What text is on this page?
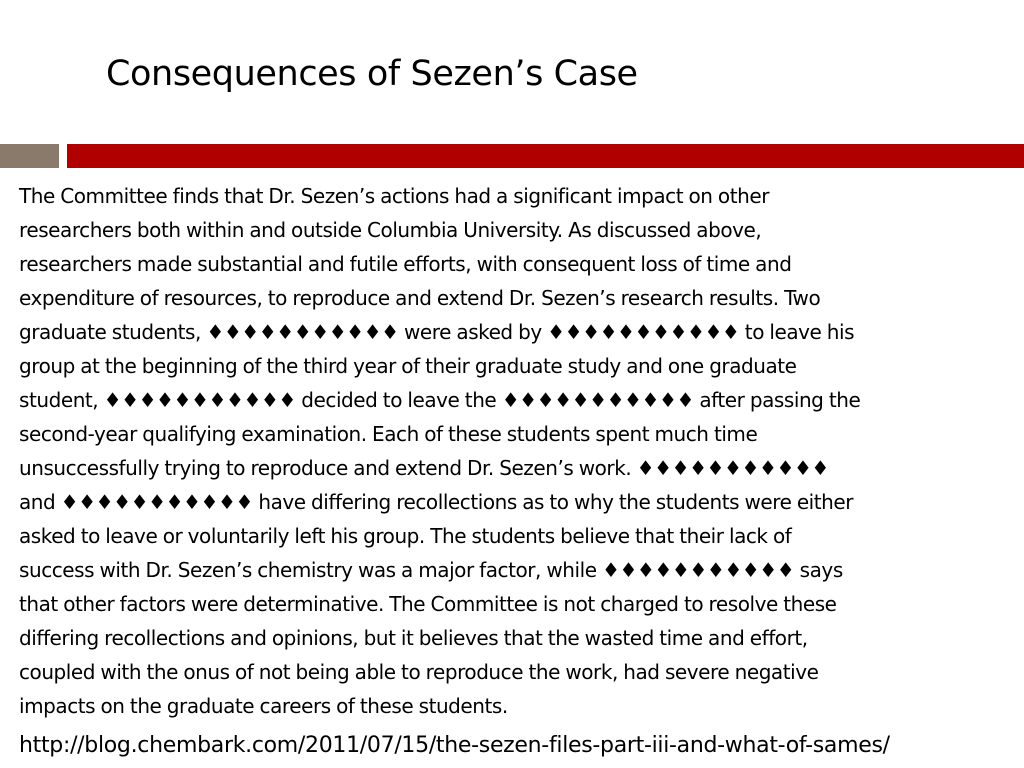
Consequences of Sezen’s Case
The Committee finds that Dr. Sezen’s actions had a significant impact on other
researchers both within and outside Columbia University. As discussed above,
researchers made substantial and futile efforts, with consequent loss of time and
expenditure of resources, to reproduce and extend Dr. Sezen’s research results. Two
graduate students, ♦♦♦♦♦♦♦♦♦♦♦ were asked by ♦♦♦♦♦♦♦♦♦♦♦ to leave his
group at the beginning of the third year of their graduate study and one graduate
student, ♦♦♦♦♦♦♦♦♦♦♦ decided to leave the ♦♦♦♦♦♦♦♦♦♦♦ after passing the
second-year qualifying examination. Each of these students spent much time
unsuccessfully trying to reproduce and extend Dr. Sezen’s work. ♦♦♦♦♦♦♦♦♦♦♦
and ♦♦♦♦♦♦♦♦♦♦♦ have differing recollections as to why the students were either
asked to leave or voluntarily left his group. The students believe that their lack of
success with Dr. Sezen’s chemistry was a major factor, while ♦♦♦♦♦♦♦♦♦♦♦ says
that other factors were determinative. The Committee is not charged to resolve these
differing recollections and opinions, but it believes that the wasted time and effort,
coupled with the onus of not being able to reproduce the work, had severe negative
impacts on the graduate careers of these students.
http://blog.chembark.com/2011/07/15/the-sezen-files-part-iii-and-what-of-sames/
